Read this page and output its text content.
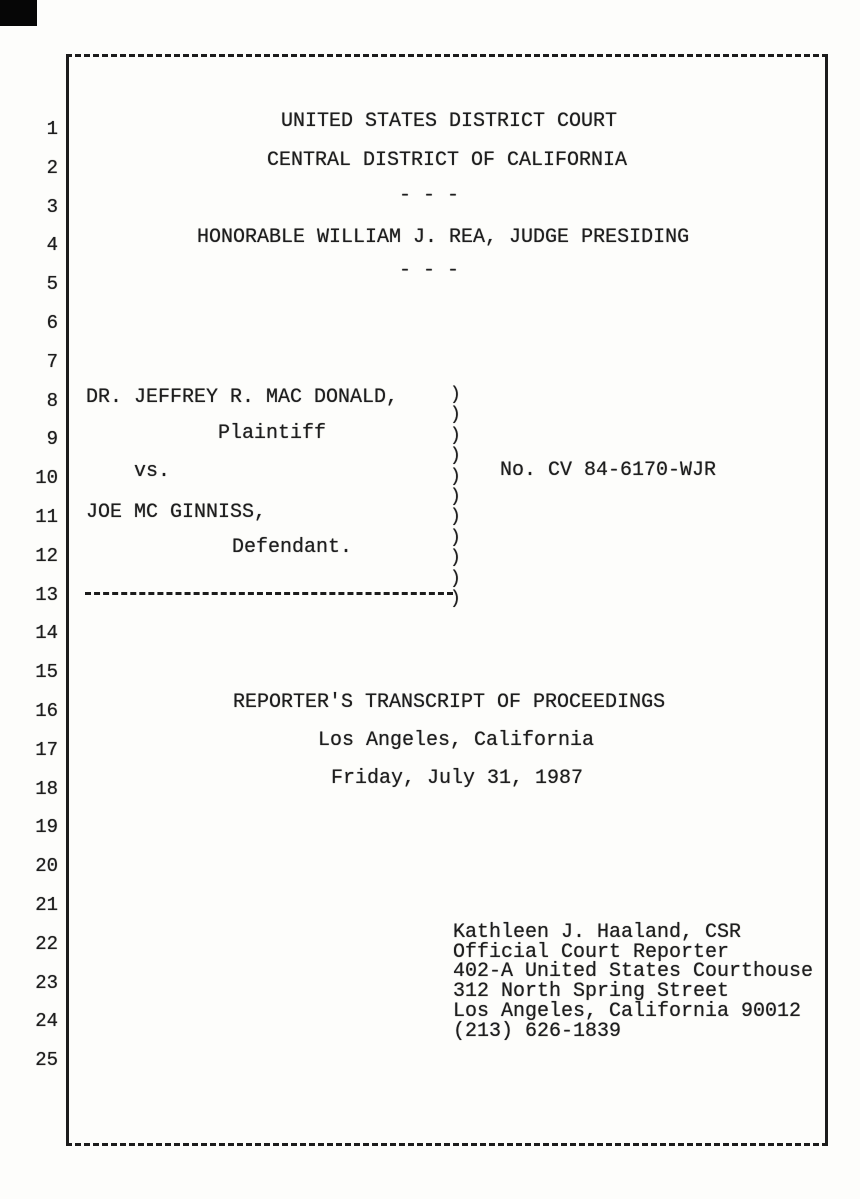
1
2
3
4
5
6
7
8
9
10
11
12
13
14
15
16
17
18
19
20
21
22
23
24
25
UNITED STATES DISTRICT COURT
CENTRAL DISTRICT OF CALIFORNIA
- - -
HONORABLE WILLIAM J. REA, JUDGE PRESIDING
- - -
DR. JEFFREY R. MAC DONALD,
Plaintiff
vs.	No. CV 84-6170-WJR
JOE MC GINNISS,
Defendant.
)
)
)
)
)
)
)
)
)
)
)
REPORTER'S TRANSCRIPT OF PROCEEDINGS
Los Angeles, California
Friday, July 31, 1987
Kathleen J. Haaland, CSR
Official Court Reporter
402-A United States Courthouse
312 North Spring Street
Los Angeles, California 90012
(213) 626-1839
